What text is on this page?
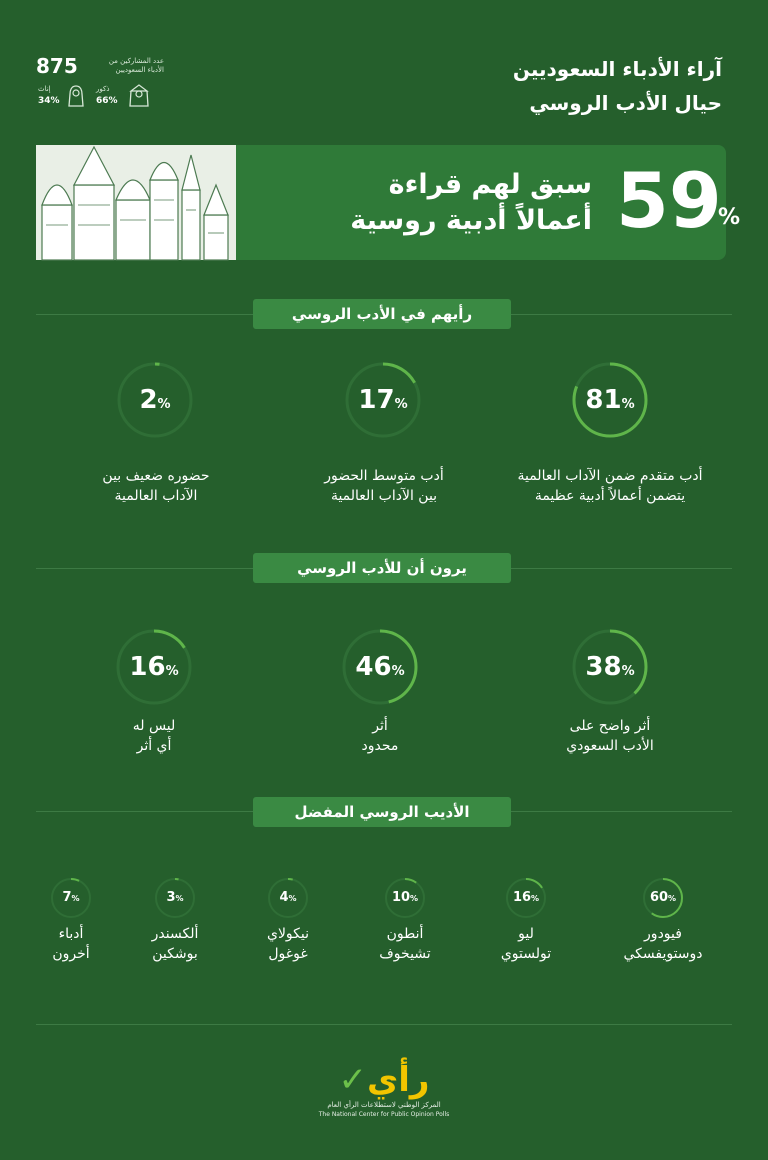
آراء الأدباء السعوديين
حيال الأدب الروسي
875	عدد المشاركين من الأدباء السعوديين
إناث
34%
ذكور
66%
59
%
سبق لهم قراءة
أعمالاً أدبية روسية
رأيهم في الأدب الروسي
81%
17%
2%
أدب متقدم ضمن الآداب العالمية
يتضمن أعمالاً أدبية عظيمة
أدب متوسط الحضور
بين الآداب العالمية
حضوره ضعيف بين
الآداب العالمية
يرون أن للأدب الروسي
38%
46%
16%
أثر واضح على
الأدب السعودي
أثر
محدود
ليس له
أي أثر
الأديب الروسي المفضل
60%
16%
10%
4%
3%
7%
فيودور
دوستويفسكي
ليو
تولستوي
أنطون
تشيخوف
نيكولاي
غوغول
ألكسندر
بوشكين
أدباء
أخرون
رأي✓
المركز الوطني لاستطلاعات الرأي العام
The National Center for Public Opinion Polls
